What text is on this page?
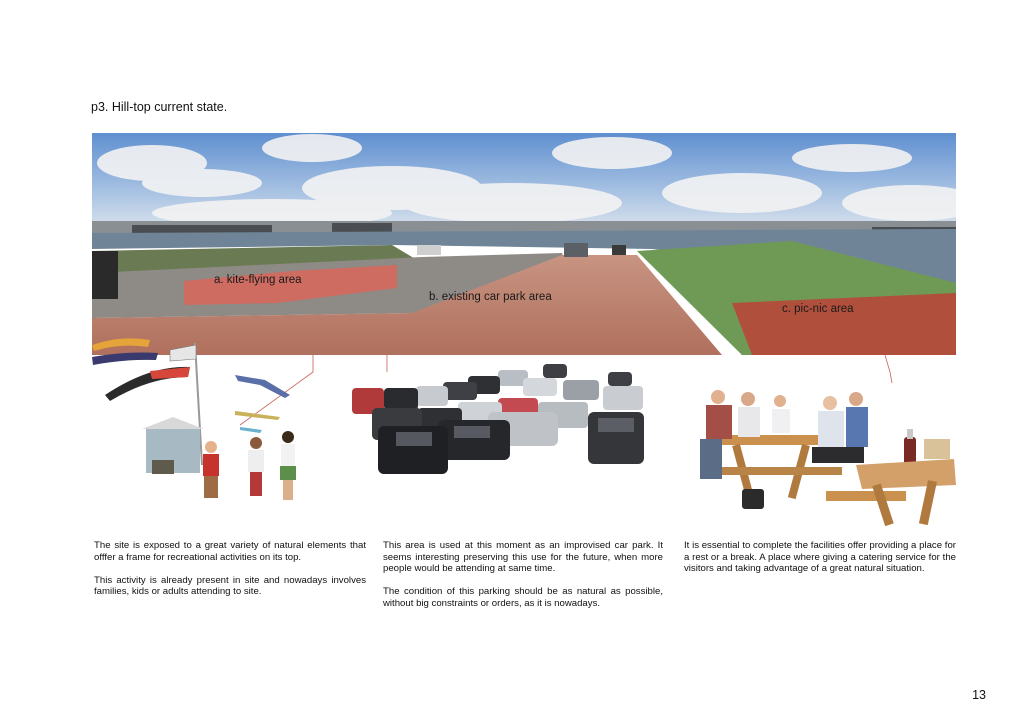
p3. Hill-top current state.
a. kite-flying area
b. existing car park area
c. pic-nic area

The site is exposed to a great variety of natural elements that offfer a frame for recreational activities on its top.

This activity is already present in site and nowadays involves families, kids or adults attending to site.

This area is used at this moment as an improvised car park. It seems interesting preserving this use for the future, when more people would be attending at same time.

The condition of this parking should be as natural as possible, without big constraints or orders, as it is nowadays.

It is essential to complete the facilities offer providing a place for a rest or a break. A place where giving a catering service for the visitors and taking advantage of a great natural situation.

13
